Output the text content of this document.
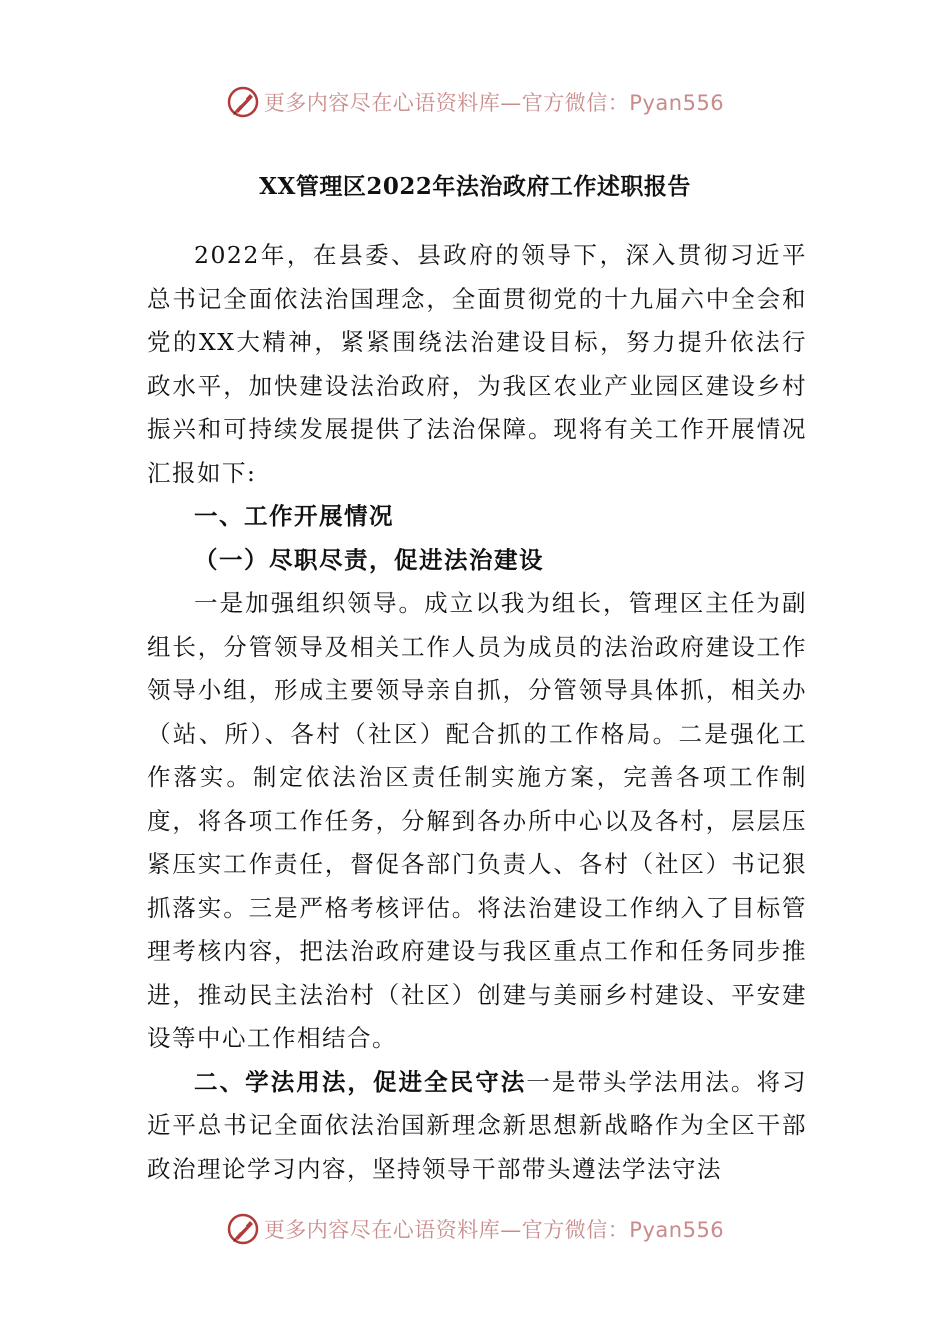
更多内容尽在心语资料库—官方微信：Pyan556
XX管理区2022年法治政府工作述职报告

2022年，在县委、县政府的领导下，深入贯彻习近平总书记全面依法治国理念，全面贯彻党的十九届六中全会和党的XX大精神，紧紧围绕法治建设目标，努力提升依法行政水平，加快建设法治政府，为我区农业产业园区建设乡村振兴和可持续发展提供了法治保障。现将有关工作开展情况汇报如下:

一、工作开展情况

（一）尽职尽责，促进法治建设

一是加强组织领导。成立以我为组长，管理区主任为副组长，分管领导及相关工作人员为成员的法治政府建设工作领导小组，形成主要领导亲自抓，分管领导具体抓，相关办（站、所）、各村（社区）配合抓的工作格局。二是强化工作落实。制定依法治区责任制实施方案，完善各项工作制度，将各项工作任务，分解到各办所中心以及各村，层层压紧压实工作责任，督促各部门负责人、各村（社区）书记狠抓落实。三是严格考核评估。将法治建设工作纳入了目标管理考核内容，把法治政府建设与我区重点工作和任务同步推进，推动民主法治村（社区）创建与美丽乡村建设、平安建设等中心工作相结合。

二、学法用法，促进全民守法一是带头学法用法。将习近平总书记全面依法治国新理念新思想新战略作为全区干部政治理论学习内容，坚持领导干部带头遵法学法守法

更多内容尽在心语资料库—官方微信：Pyan556
